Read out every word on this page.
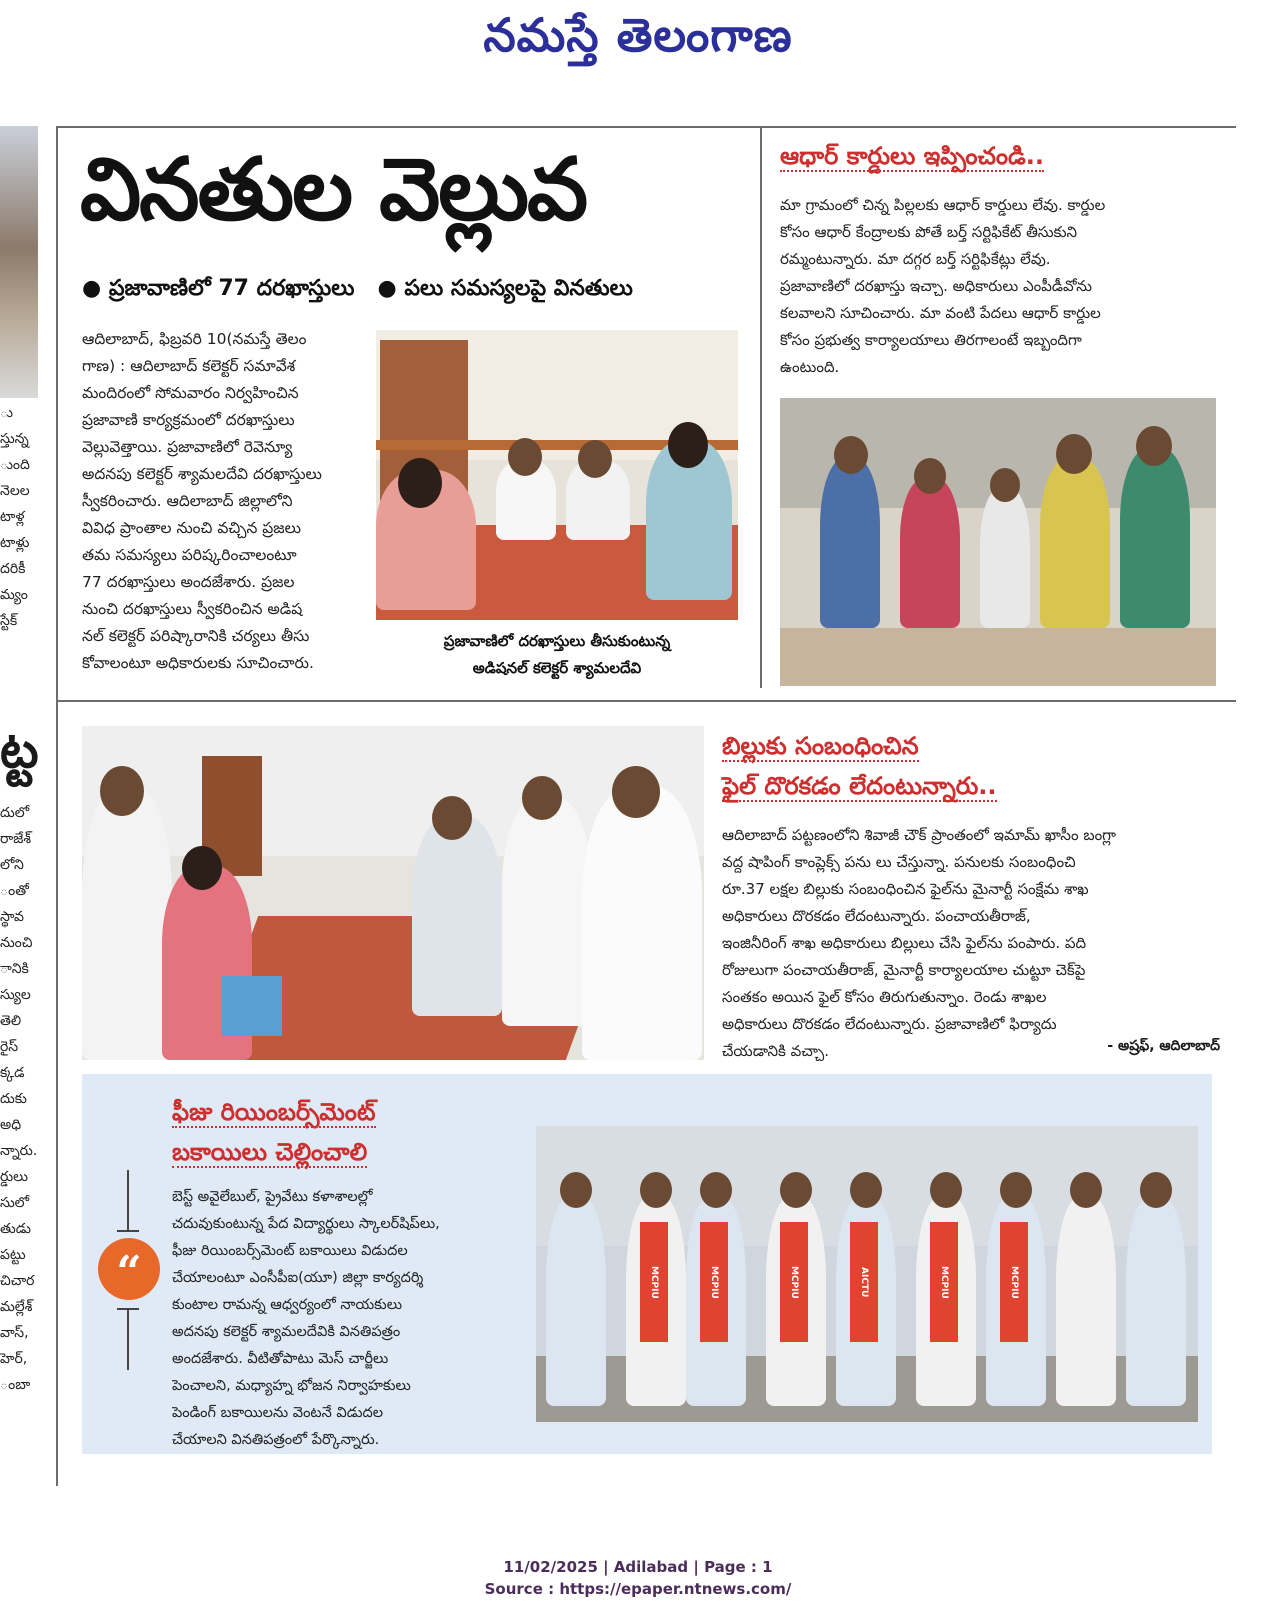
నమస్తే తెలంగాణ
ు
స్తున్న
ుంది
నెలల
టాళ్ల
టాళ్లు
దరికీ
మ్యం
స్టేక్‌
ట్ట
దులో
రాజేశ్
లోని
ంతో
స్థావ
నుంచి
ానికి
స్యుల
తెలి
రైస్
క్కడ
దుకు
అధి
న్నారు.
ర్డులు
సులో
తుడు
పట్టు
చిచార
మల్లేశ్
వాస్,
హెర్,
ంబా
వినతుల వెల్లువ
● ప్రజావాణిలో 77 దరఖాస్తులు ● పలు సమస్యలపై వినతులు
ఆదిలాబాద్, ఫిబ్రవరి 10(నమస్తే తెలం
గాణ) : ఆదిలాబాద్ కలెక్టర్ సమావేశ
మందిరంలో సోమవారం నిర్వహించిన
ప్రజావాణి కార్యక్రమంలో దరఖాస్తులు
వెల్లువెత్తాయి. ప్రజావాణిలో రెవెన్యూ
అదనపు కలెక్టర్ శ్యామలదేవి దరఖాస్తులు
స్వీకరించారు. ఆదిలాబాద్ జిల్లాలోని
వివిధ ప్రాంతాల నుంచి వచ్చిన ప్రజలు
తమ సమస్యలు పరిష్కరించాలంటూ
77 దరఖాస్తులు అందజేశారు. ప్రజల
నుంచి దరఖాస్తులు స్వీకరించిన అడిష
నల్ కలెక్టర్ పరిష్కారానికి చర్యలు తీసు
కోవాలంటూ అధికారులకు సూచించారు.
ప్రజావాణిలో దరఖాస్తులు తీసుకుంటున్న
అడిషనల్ కలెక్టర్ శ్యామలదేవి
ఆధార్ కార్డులు ఇప్పించండి..
మా గ్రామంలో చిన్న పిల్లలకు ఆధార్ కార్డులు లేవు. కార్డుల
కోసం ఆధార్ కేంద్రాలకు పోతే బర్త్ సర్టిఫికేట్ తీసుకుని
రమ్మంటున్నారు. మా దగ్గర బర్త్ సర్టిఫికేట్లు లేవు.
ప్రజావాణిలో దరఖాస్తు ఇచ్చా. అధికారులు ఎంపీడీవోను
కలవాలని సూచించారు. మా వంటి పేదలు ఆధార్ కార్డుల
కోసం ప్రభుత్వ కార్యాలయాలు తిరగాలంటే ఇబ్బందిగా
ఉంటుంది.
బిల్లుకు సంబంధించిన
ఫైల్ దొరకడం లేదంటున్నారు..
ఆదిలాబాద్ పట్టణంలోని శివాజీ చౌక్ ప్రాంతంలో ఇమామ్ ఖాసీం బంగ్లా
వద్ద షాపింగ్ కాంప్లెక్స్ పను లు చేస్తున్నా. పనులకు సంబంధించి
రూ.37 లక్షల బిల్లుకు సంబంధించిన ఫైల్‌ను మైనార్టీ సంక్షేమ శాఖ
అధికారులు దొరకడం లేదంటున్నారు. పంచాయతీరాజ్,
ఇంజినీరింగ్ శాఖ అధికారులు బిల్లులు చేసి ఫైల్‌ను పంపారు. పది
రోజులుగా పంచాయతీరాజ్, మైనార్టీ కార్యాలయాల చుట్టూ చెక్‌పై
సంతకం అయిన ఫైల్ కోసం తిరుగుతున్నాం. రెండు శాఖల
అధికారులు దొరకడం లేదంటున్నారు. ప్రజావాణిలో ఫిర్యాదు
చేయడానికి వచ్చా.	- అష్రఫ్, ఆదిలాబాద్
ఫీజు రియింబర్స్‌మెంట్
బకాయిలు చెల్లించాలి
“
బెస్ట్ అవైలేబుల్, ప్రైవేటు కళాశాలల్లో
చదువుకుంటున్న పేద విద్యార్థులు స్కాలర్‌షిప్‌లు,
ఫీజు రియింబర్స్‌మెంట్ బకాయిలు విడుదల
చేయాలంటూ ఎంసీపీఐ(యూ) జిల్లా కార్యదర్శి
కుంటాల రామన్న ఆధ్వర్యంలో నాయకులు
అదనపు కలెక్టర్ శ్యామలదేవికి వినతిపత్రం
అందజేశారు. వీటితోపాటు మెస్ చార్జీలు
పెంచాలని, మధ్యాహ్న భోజన నిర్వాహకులు
పెండింగ్ బకాయిలను వెంటనే విడుదల
చేయాలని వినతిపత్రంలో పేర్కొన్నారు.
MCPIU	MCPIU	MCPIU	AICTU	MCPIU	MCPIU
11/02/2025 | Adilabad | Page : 1
Source : https://epaper.ntnews.com/
